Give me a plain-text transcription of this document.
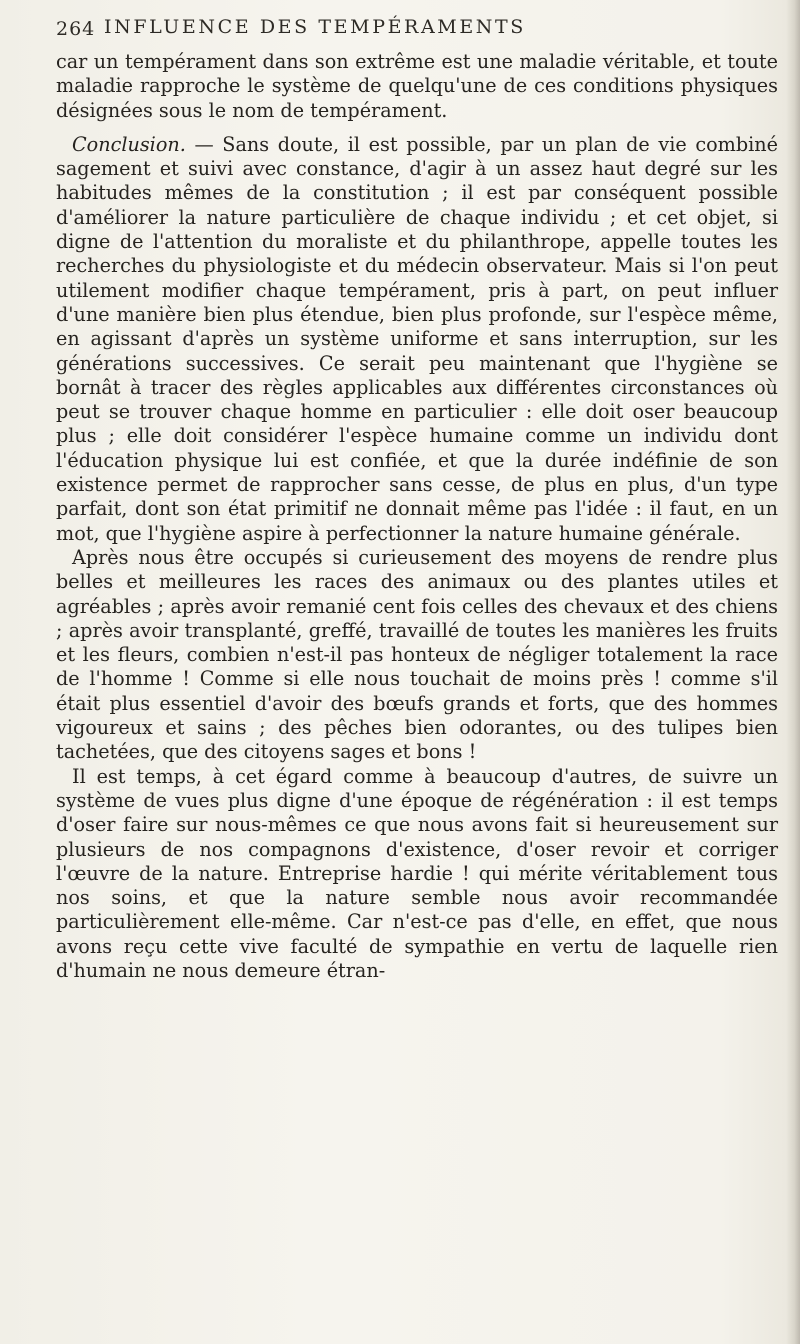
264 INFLUENCE DES TEMPÉRAMENTS

car un tempérament dans son extrême est une maladie véritable, et toute maladie rapproche le système de quelqu'une de ces conditions physiques désignées sous le nom de tempérament.

Conclusion. — Sans doute, il est possible, par un plan de vie combiné sagement et suivi avec constance, d'agir à un assez haut degré sur les habitudes mêmes de la constitution ; il est par conséquent possible d'améliorer la nature particulière de chaque individu ; et cet objet, si digne de l'attention du moraliste et du philanthrope, appelle toutes les recherches du physiologiste et du médecin observateur. Mais si l'on peut utilement modifier chaque tempérament, pris à part, on peut influer d'une manière bien plus étendue, bien plus profonde, sur l'espèce même, en agissant d'après un système uniforme et sans interruption, sur les générations successives. Ce serait peu maintenant que l'hygiène se bornât à tracer des règles applicables aux différentes circonstances où peut se trouver chaque homme en particulier : elle doit oser beaucoup plus ; elle doit considérer l'espèce humaine comme un individu dont l'éducation physique lui est confiée, et que la durée indéfinie de son existence permet de rapprocher sans cesse, de plus en plus, d'un type parfait, dont son état primitif ne donnait même pas l'idée : il faut, en un mot, que l'hygiène aspire à perfectionner la nature humaine générale.

Après nous être occupés si curieusement des moyens de rendre plus belles et meilleures les races des animaux ou des plantes utiles et agréables ; après avoir remanié cent fois celles des chevaux et des chiens ; après avoir transplanté, greffé, travaillé de toutes les manières les fruits et les fleurs, combien n'est-il pas honteux de négliger totalement la race de l'homme ! Comme si elle nous touchait de moins près ! comme s'il était plus essentiel d'avoir des bœufs grands et forts, que des hommes vigoureux et sains ; des pêches bien odorantes, ou des tulipes bien tachetées, que des citoyens sages et bons !

Il est temps, à cet égard comme à beaucoup d'autres, de suivre un système de vues plus digne d'une époque de régénération : il est temps d'oser faire sur nous-mêmes ce que nous avons fait si heureusement sur plusieurs de nos compagnons d'existence, d'oser revoir et corriger l'œuvre de la nature. Entreprise hardie ! qui mérite véritablement tous nos soins, et que la nature semble nous avoir recommandée particulièrement elle-même. Car n'est-ce pas d'elle, en effet, que nous avons reçu cette vive faculté de sympathie en vertu de laquelle rien d'humain ne nous demeure étran-
